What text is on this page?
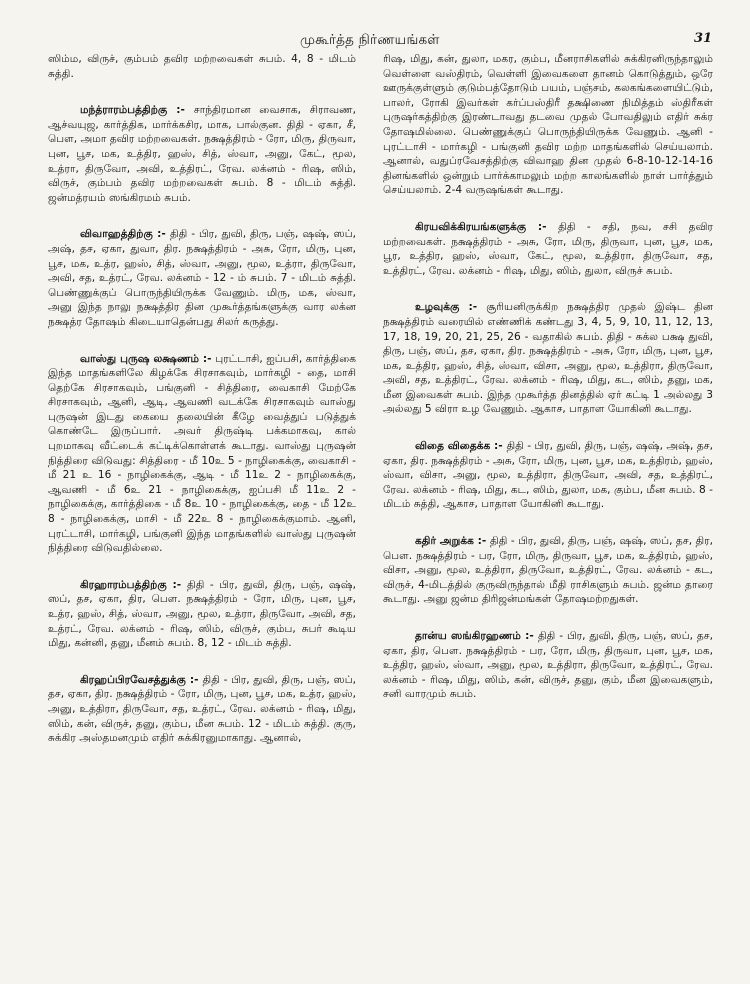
முகூர்த்த நிர்ணயங்கள்	31

ஸிம்ம, விருச், கும்பம் தவிர மற்றவைகள் சுபம். 4, 8 - மிடம் சுத்தி.

மந்த்ராரம்பத்திற்கு :- சாந்திரமான வைசாக, சிராவண, ஆச்வயுஜ, கார்த்திக, மார்க்கசிர, மாக, பால்குன. திதி - ஏகா, சீ, பௌ, அமா தவிர மற்றவைகள். நக்ஷத்திரம் - ரோ, மிரு, திருவா, புன, பூச, மக, உத்திர, ஹஸ், சித், ஸ்வா, அனு, கேட், மூல, உத்ரா, திருவோ, அவி, உத்திரட், ரேவ. லக்னம் - ரிஷ, ஸிம், விருச், கும்பம் தவிர மற்றவைகள் சுபம். 8 - மிடம் சுத்தி. ஜன்மத்ரயம் ஸங்கிரமம் சுபம்.

விவாஹத்திற்கு :- திதி - பிர, துவி, திரு, பஞ், ஷஷ், ஸப், அஷ், தச, ஏகா, துவா, திர. நக்ஷத்திரம் - அசு, ரோ, மிரு, புன, பூச, மக, உத்ர, ஹஸ், சித், ஸ்வா, அனு, மூல, உத்ரா, திருவோ, அவி, சத, உத்ரட், ரேவ. லக்னம் - 12 - ம் சுபம். 7 - மிடம் சுத்தி. பெண்ணுக்குப் பொருந்தியிருக்க வேணும். மிரு, மக, ஸ்வா, அனு இந்த நாலு நக்ஷத்திர தின முகூர்த்தங்களுக்கு வார லக்ன நக்ஷத்ர தோஷம் கிடையாதென்பது சிலர் கருத்து.

வாஸ்து புருஷ லக்ஷணம் :- புரட்டாசி, ஐப்பசி, கார்த்திகை இந்த மாதங்களிலே கிழக்கே சிரசாகவும், மார்கழி - தை, மாசி தெற்கே சிரசாகவும், பங்குனி - சித்திரை, வைகாசி மேற்கே சிரசாகவும், ஆனி, ஆடி, ஆவணி வடக்கே சிரசாகவும் வாஸ்து புருஷன் இடது கையை தலையின் கீழே வைத்துப் படுத்துக் கொண்டே இருப்பார். அவர் திருஷ்டி பக்கமாகவு, கால் புறமாகவு வீட்டைக் கட்டிக்கொள்ளக் கூடாது. வாஸ்து புருஷன் நித்திரை விடுவது: சித்திரை - மீ 10உ 5 - நாழிகைக்கு, வைகாசி - மீ 21 உ 16 - நாழிகைக்கு, ஆடி - மீ 11உ 2 - நாழிகைக்கு, ஆவணி - மீ 6உ 21 - நாழிகைக்கு, ஐப்பசி மீ 11உ 2 - நாழிகைக்கு, கார்த்திகை - மீ 8உ 10 - நாழிகைக்கு, தை - மீ 12உ 8 - நாழிகைக்கு, மாசி - மீ 22உ 8 - நாழிகைக்குமாம். ஆனி, புரட்டாசி, மார்கழி, பங்குனி இந்த மாதங்களில் வாஸ்து புருஷன் நித்திரை விடுவதில்லை.

கிரஹாரம்பத்திற்கு :- திதி - பிர, துவி, திரு, பஞ், ஷஷ், ஸப், தச, ஏகா, திர, பௌ. நக்ஷத்திரம் - ரோ, மிரு, புன, பூச, உத்ர, ஹஸ், சித், ஸ்வா, அனு, மூல, உத்ரா, திருவோ, அவி, சத, உத்ரட், ரேவ. லக்னம் - ரிஷ, ஸிம், விருச், கும்ப, சுபர் கூடிய மிது, கன்னி, தனு, மீனம் சுபம். 8, 12 - மிடம் சுத்தி.

கிரஹப்பிரவேசத்துக்கு :- திதி - பிர, துவி, திரு, பஞ், ஸப், தச, ஏகா, திர. நக்ஷத்திரம் - ரோ, மிரு, புன, பூச, மக, உத்ர, ஹஸ், அனு, உத்திரா, திருவோ, சத, உத்ரட், ரேவ. லக்னம் - ரிஷ, மிது, ஸிம், கன், விருச், தனு, கும்ப, மீன சுபம். 12 - மிடம் சுத்தி. குரு, சுக்கிர அஸ்தமனமும் எதிர் சுக்கிரனுமாகாது. ஆனால்,

ரிஷ, மிது, கன், துலா, மகர, கும்ப, மீனராசிகளில் சுக்கிரனிருந்தாலும் வெள்ளை வஸ்திரம், வெள்ளி இவைகளை தானம் கொடுத்தும், ஒரே ஊருக்குள்ளும் குடும்பத்தோடும் பயம், பஞ்சம், கலகங்களையிட்டும், பாலர், ரோகி இவர்கள் கர்ப்பஸ்திரீ தக்ஷிணை நிமித்தம் ஸ்திரீகள் புருஷர்கத்திற்கு இரண்டாவது தடவை முதல் போவதிலும் எதிர் சுக்ர தோஷமில்லை. பெண்ணுக்குப் பொருந்தியிருக்க வேணும். ஆனி - புரட்டாசி - மார்கழி - பங்குனி தவிர மற்ற மாதங்களில் செய்யலாம். ஆனால், வதுப்ரவேசத்திற்கு விவாஹ தின முதல் 6-8-10-12-14-16 தினங்களில் ஒன்றும் பார்க்காமலும் மற்ற காலங்களில் நாள் பார்த்தும் செய்யலாம். 2-4 வருஷங்கள் கூடாது.

கிரயவிக்கிரயங்களுக்கு :- திதி - சதி, நவ, சசி தவிர மற்றவைகள். நக்ஷத்திரம் - அசு, ரோ, மிரு, திருவா, புன, பூச, மக, பூர, உத்திர, ஹஸ், ஸ்வா, கேட், மூல, உத்திரா, திருவோ, சத, உத்திரட், ரேவ. லக்னம் - ரிஷ, மிது, ஸிம், துலா, விருச் சுபம்.

உழவுக்கு :- சூரியனிருக்கிற நக்ஷத்திர முதல் இஷ்ட தின நக்ஷத்திரம் வரையில் எண்ணிக் கண்டது 3, 4, 5, 9, 10, 11, 12, 13, 17, 18, 19, 20, 21, 25, 26 - வதாகில் சுபம். திதி - சுக்ல பக்ஷ துவி, திரு, பஞ், ஸப், தச, ஏகா, திர. நக்ஷத்திரம் - அசு, ரோ, மிரு, புன, பூச, மக, உத்திர, ஹஸ், சித், ஸ்வா, விசா, அனு, மூல, உத்திரா, திருவோ, அவி, சத, உத்திரட், ரேவ. லக்னம் - ரிஷ, மிது, கட, ஸிம், தனு, மக, மீன இவைகள் சுபம். இந்த முகூர்த்த தினத்தில் ஏர் கட்டி 1 அல்லது 3 அல்லது 5 விரா உழ வேணும். ஆகாச, பாதாள யோகினி கூடாது.

விதை விதைக்க :- திதி - பிர, துவி, திரு, பஞ், ஷஷ், அஷ், தச, ஏகா, திர. நக்ஷத்திரம் - அசு, ரோ, மிரு, புன, பூச, மக, உத்திரம், ஹஸ், ஸ்வா, விசா, அனு, மூல, உத்திரா, திருவோ, அவி, சத, உத்திரட், ரேவ. லக்னம் - ரிஷ, மிது, கட, ஸிம், துலா, மக, கும்ப, மீன சுபம். 8 - மிடம் சுத்தி, ஆகாச, பாதாள யோகினி கூடாது.

கதிர் அறுக்க :- திதி - பிர, துவி, திரு, பஞ், ஷஷ், ஸப், தச, திர, பௌ. நக்ஷத்திரம் - பர, ரோ, மிரு, திருவா, பூச, மக, உத்திரம், ஹஸ், விசா, அனு, மூல, உத்திரா, திருவோ, உத்திரட், ரேவ. லக்னம் - கட, விருச், 4-மிடத்தில் குருவிருந்தால் மீதி ராசிகளும் சுபம். ஜன்ம தாரை கூடாது. அனு ஜன்ம திரிஜன்மங்கள் தோஷமற்றதுகள்.

தான்ய ஸங்கிரஹணம் :- திதி - பிர, துவி, திரு, பஞ், ஸப், தச, ஏகா, திர, பௌ. நக்ஷத்திரம் - பர, ரோ, மிரு, திருவா, புன, பூச, மக, உத்திர, ஹஸ், ஸ்வா, அனு, மூல, உத்திரா, திருவோ, உத்திரட், ரேவ. லக்னம் - ரிஷ, மிது, ஸிம், கன், விருச், தனு, கும், மீன இவைகளும், சனி வாரமும் சுபம்.
